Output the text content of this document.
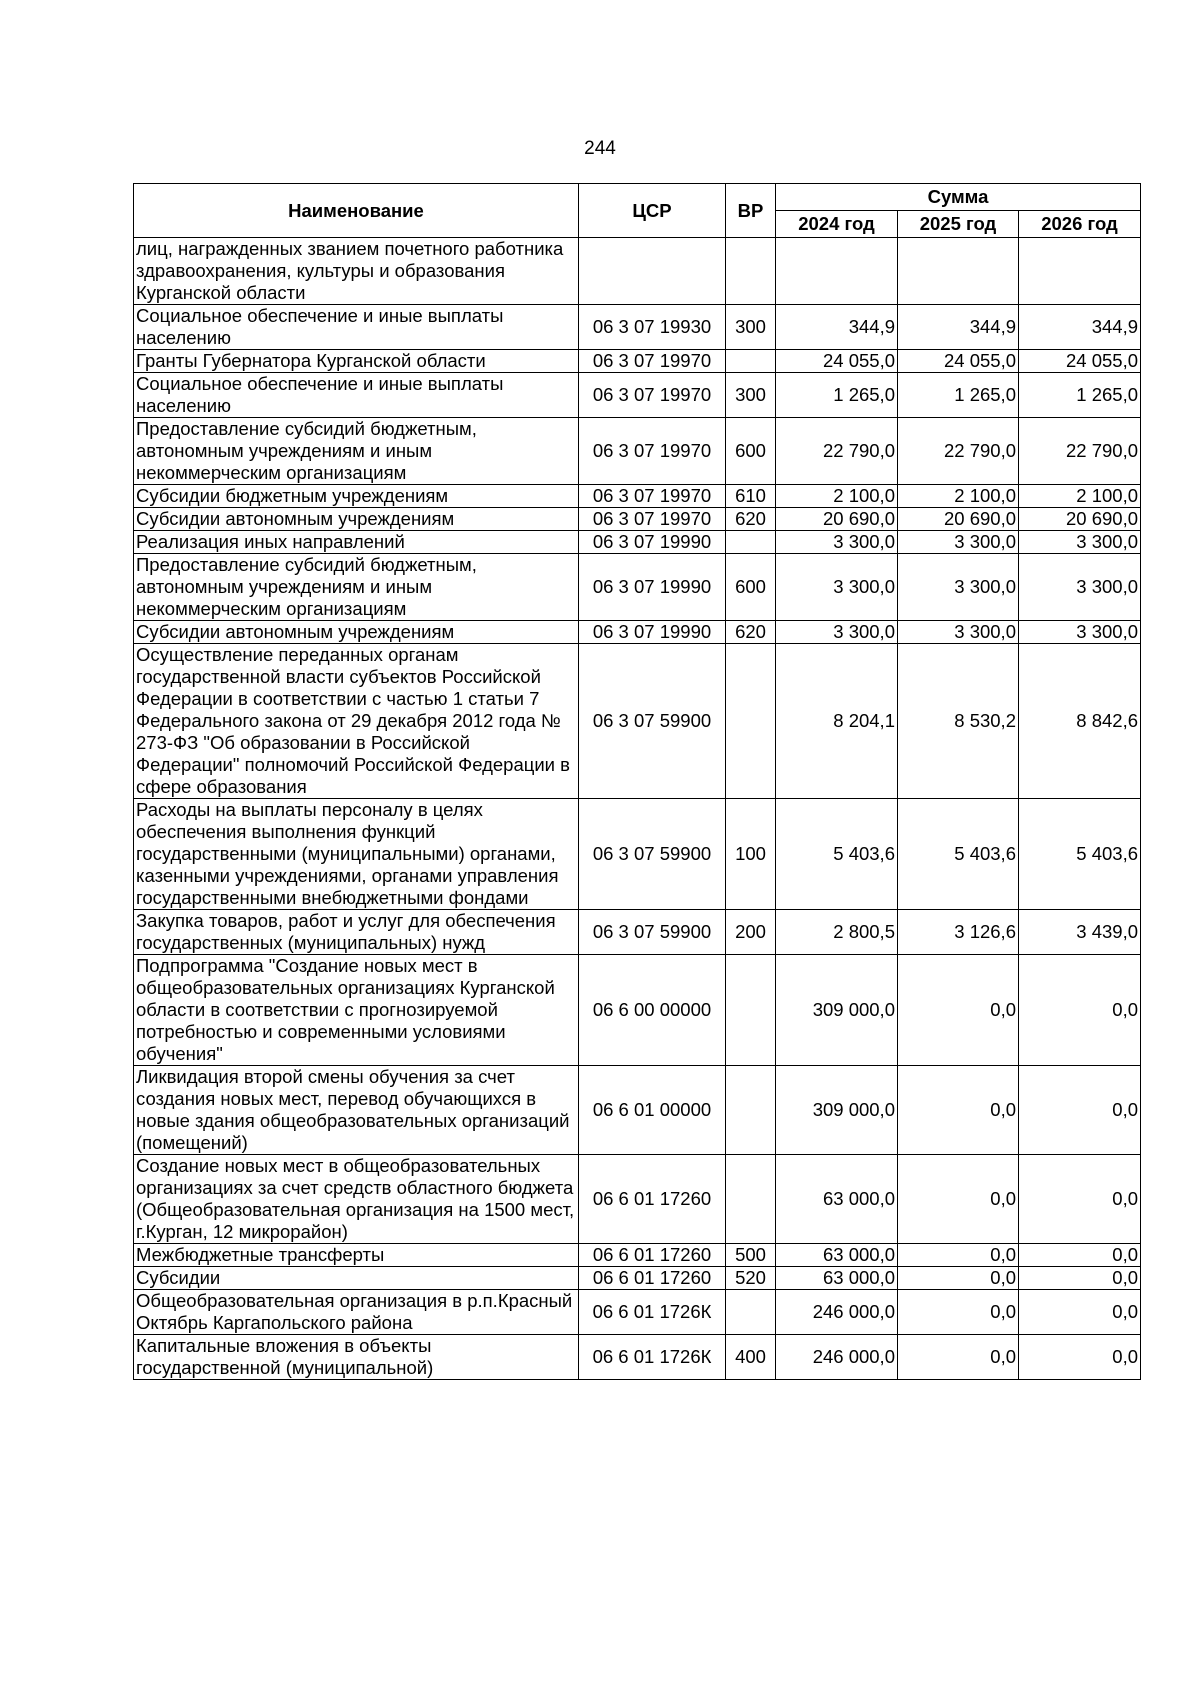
244
Наименование	ЦСР	ВР	Сумма		
			2024 год	2025 год	2026 год
лиц, награжденных званием почетного работника здравоохранения, культуры и образования Курганской области					
Социальное обеспечение и иные выплаты населению	06 3 07 19930	300	344,9	344,9	344,9
Гранты Губернатора Курганской области	06 3 07 19970		24 055,0	24 055,0	24 055,0
Социальное обеспечение и иные выплаты населению	06 3 07 19970	300	1 265,0	1 265,0	1 265,0
Предоставление субсидий бюджетным, автономным учреждениям и иным некоммерческим организациям	06 3 07 19970	600	22 790,0	22 790,0	22 790,0
Субсидии бюджетным учреждениям	06 3 07 19970	610	2 100,0	2 100,0	2 100,0
Субсидии автономным учреждениям	06 3 07 19970	620	20 690,0	20 690,0	20 690,0
Реализация иных направлений	06 3 07 19990		3 300,0	3 300,0	3 300,0
Предоставление субсидий бюджетным, автономным учреждениям и иным некоммерческим организациям	06 3 07 19990	600	3 300,0	3 300,0	3 300,0
Субсидии автономным учреждениям	06 3 07 19990	620	3 300,0	3 300,0	3 300,0
Осуществление переданных органам государственной власти субъектов Российской Федерации в соответствии с частью 1 статьи 7 Федерального закона от 29 декабря 2012 года № 273-ФЗ "Об образовании в Российской Федерации" полномочий Российской Федерации в сфере образования	06 3 07 59900		8 204,1	8 530,2	8 842,6
Расходы на выплаты персоналу в целях обеспечения выполнения функций государственными (муниципальными) органами, казенными учреждениями, органами управления государственными внебюджетными фондами	06 3 07 59900	100	5 403,6	5 403,6	5 403,6
Закупка товаров, работ и услуг для обеспечения государственных (муниципальных) нужд	06 3 07 59900	200	2 800,5	3 126,6	3 439,0
Подпрограмма "Создание новых мест в общеобразовательных организациях Курганской области в соответствии с прогнозируемой потребностью и современными условиями обучения"	06 6 00 00000		309 000,0	0,0	0,0
Ликвидация второй смены обучения за счет создания новых мест, перевод обучающихся в новые здания общеобразовательных организаций (помещений)	06 6 01 00000		309 000,0	0,0	0,0
Создание новых мест в общеобразовательных организациях за счет средств областного бюджета (Общеобразовательная организация на 1500 мест, г.Курган, 12 микрорайон)	06 6 01 17260		63 000,0	0,0	0,0
Межбюджетные трансферты	06 6 01 17260	500	63 000,0	0,0	0,0
Субсидии	06 6 01 17260	520	63 000,0	0,0	0,0
Общеобразовательная организация в р.п.Красный Октябрь Каргапольского района	06 6 01 1726К		246 000,0	0,0	0,0
Капитальные вложения в объекты государственной (муниципальной)	06 6 01 1726К	400	246 000,0	0,0	0,0
